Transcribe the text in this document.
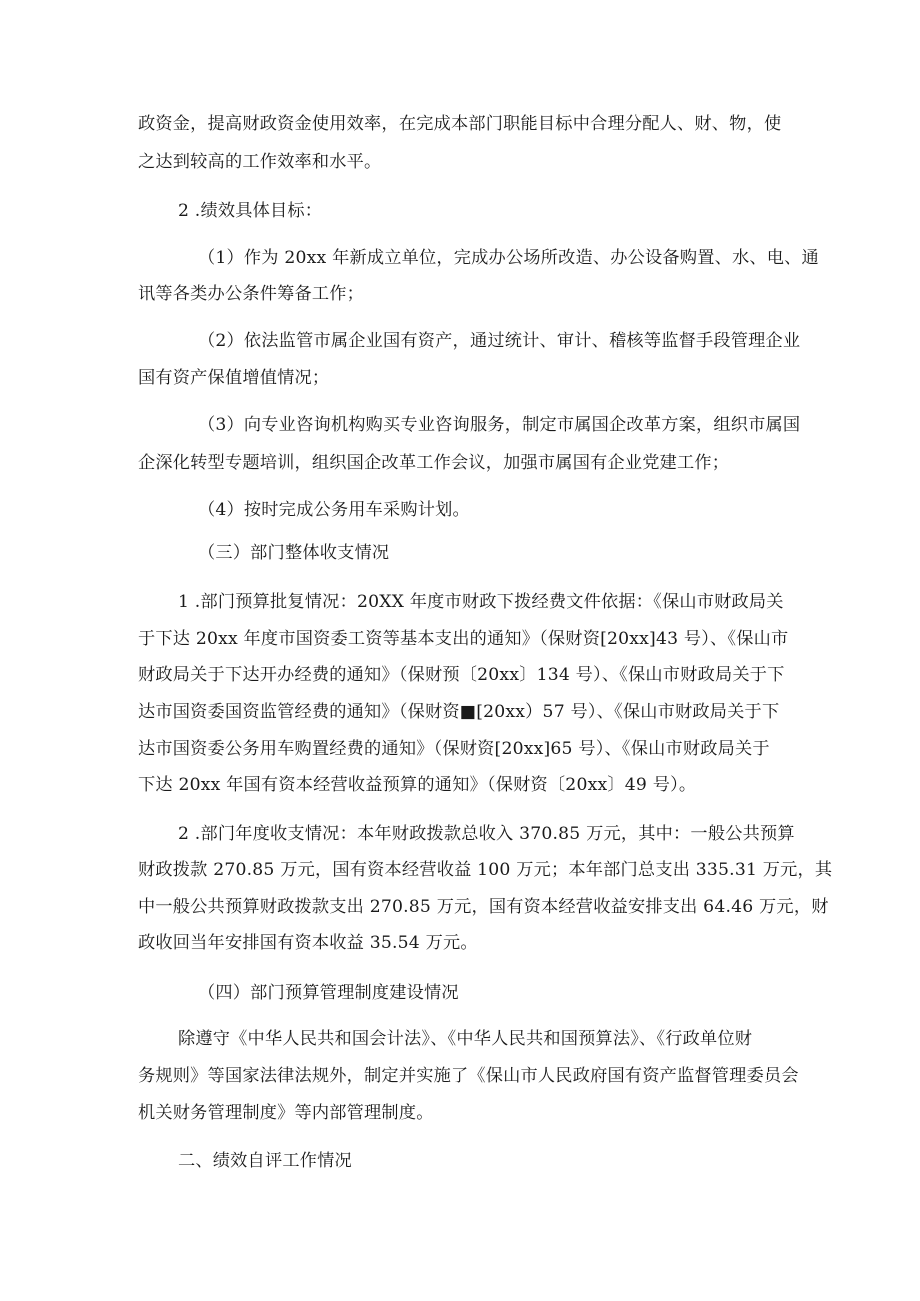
政资金，提高财政资金使用效率，在完成本部门职能目标中合理分配人、财、物，使

之达到较高的工作效率和水平。

2 .绩效具体目标：

（1）作为 20xx 年新成立单位，完成办公场所改造、办公设备购置、水、电、通

讯等各类办公条件筹备工作；

（2）依法监管市属企业国有资产，通过统计、审计、稽核等监督手段管理企业

国有资产保值增值情况；

（3）向专业咨询机构购买专业咨询服务，制定市属国企改革方案，组织市属国

企深化转型专题培训，组织国企改革工作会议，加强市属国有企业党建工作；

（4）按时完成公务用车采购计划。

（三）部门整体收支情况

1 .部门预算批复情况：20XX 年度市财政下拨经费文件依据：《保山市财政局关

于下达 20xx 年度市国资委工资等基本支出的通知》（保财资[20xx]43 号）、《保山市

财政局关于下达开办经费的通知》（保财预〔20xx〕134 号）、《保山市财政局关于下

达市国资委国资监管经费的通知》（保财资■[20xx）57 号）、《保山市财政局关于下

达市国资委公务用车购置经费的通知》（保财资[20xx]65 号）、《保山市财政局关于

下达 20xx 年国有资本经营收益预算的通知》（保财资〔20xx〕49 号）。

2 .部门年度收支情况：本年财政拨款总收入 370.85 万元，其中：一般公共预算

财政拨款 270.85 万元，国有资本经营收益 100 万元；本年部门总支出 335.31 万元，其

中一般公共预算财政拨款支出 270.85 万元，国有资本经营收益安排支出 64.46 万元，财

政收回当年安排国有资本收益 35.54 万元。

（四）部门预算管理制度建设情况

除遵守《中华人民共和国会计法》、《中华人民共和国预算法》、《行政单位财

务规则》等国家法律法规外，制定并实施了《保山市人民政府国有资产监督管理委员会

机关财务管理制度》等内部管理制度。

二、绩效自评工作情况
